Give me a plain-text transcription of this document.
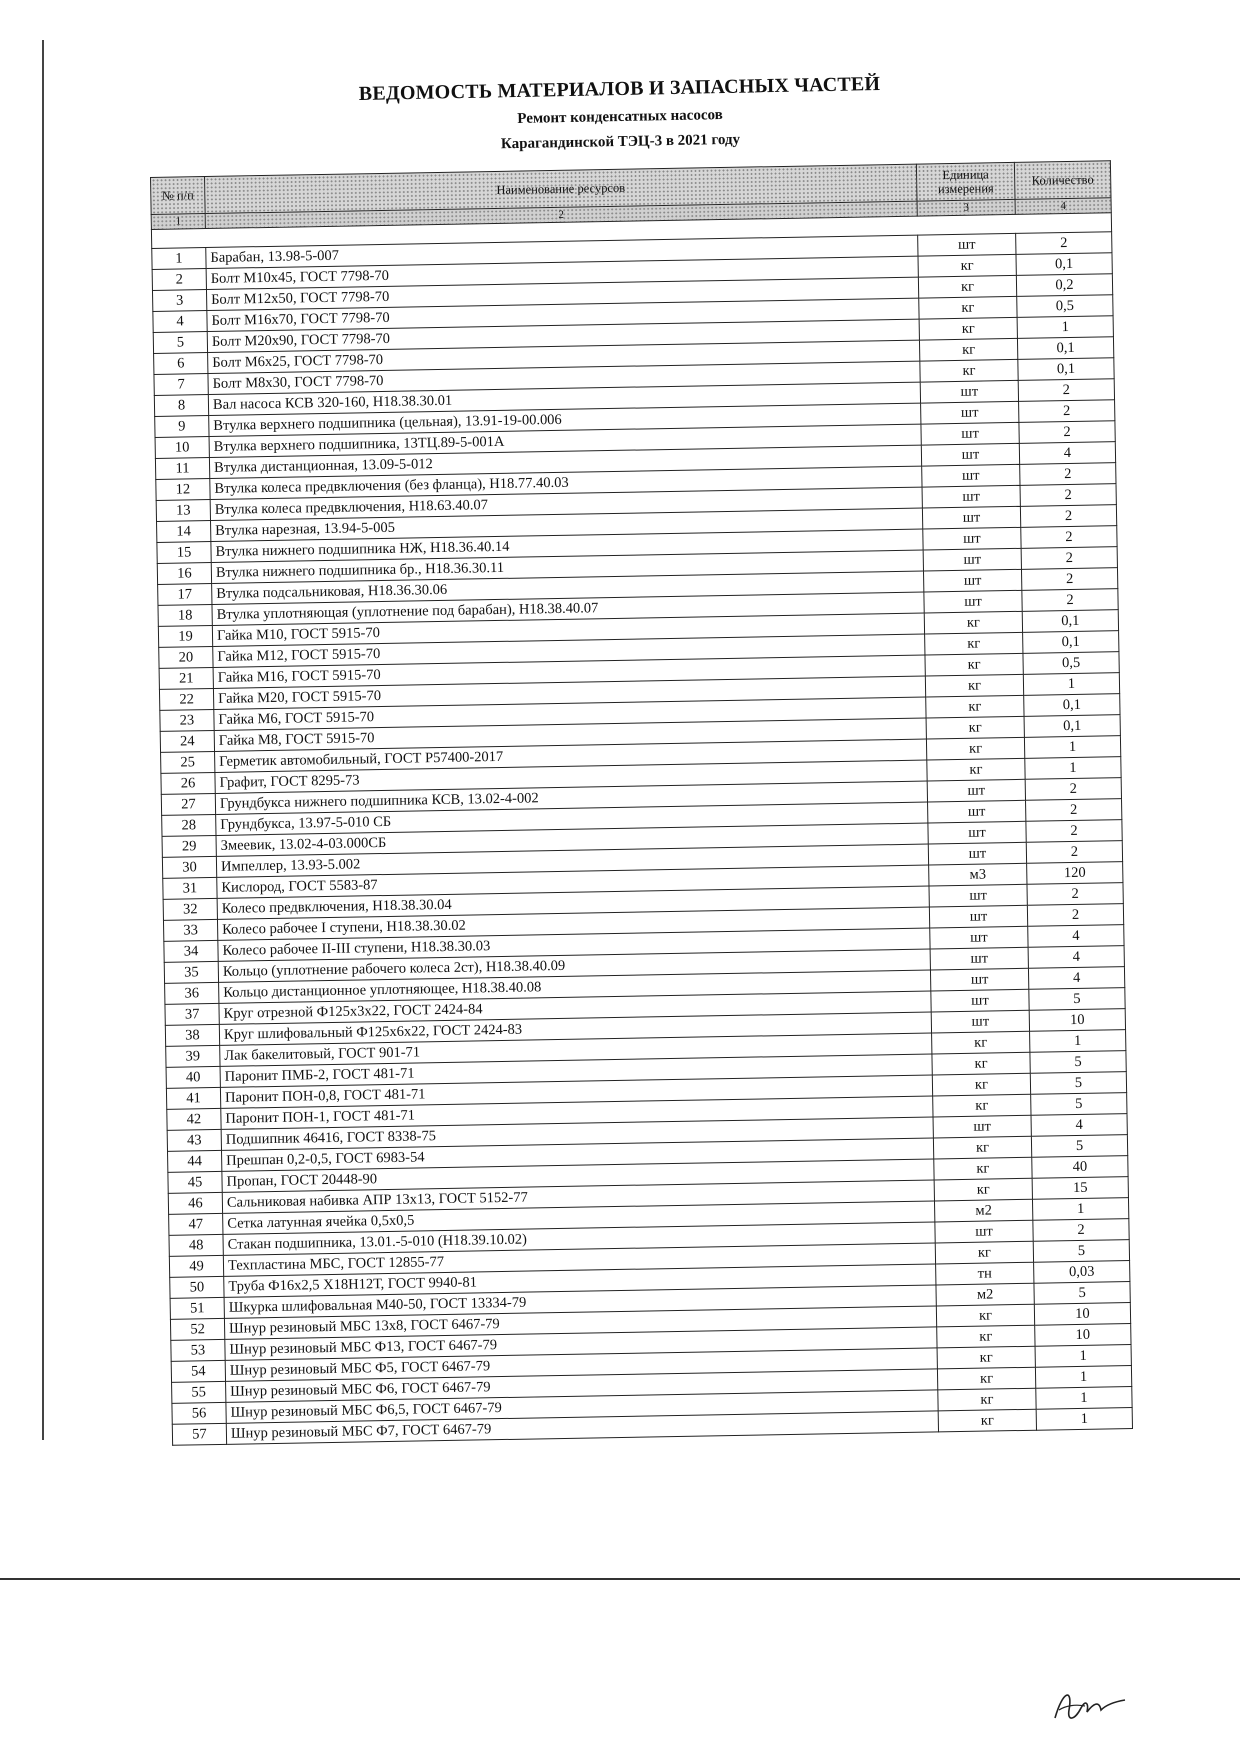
ВЕДОМОСТЬ МАТЕРИАЛОВ И ЗАПАСНЫХ ЧАСТЕЙ
Ремонт конденсатных насосов
Карагандинской ТЭЦ-3 в 2021 году
№ п/п	Наименование ресурсов	Единица измерения	Количество
1	2	3	4

1	Барабан, 13.98-5-007	шт	2
2	Болт М10х45, ГОСТ 7798-70	кг	0,1
3	Болт М12х50, ГОСТ 7798-70	кг	0,2
4	Болт М16х70, ГОСТ 7798-70	кг	0,5
5	Болт М20х90, ГОСТ 7798-70	кг	1
6	Болт М6х25, ГОСТ 7798-70	кг	0,1
7	Болт М8х30, ГОСТ 7798-70	кг	0,1
8	Вал насоса КСВ 320-160, Н18.38.30.01	шт	2
9	Втулка верхнего подшипника (цельная), 13.91-19-00.006	шт	2
10	Втулка верхнего подшипника, 13ТЦ.89-5-001А	шт	2
11	Втулка дистанционная, 13.09-5-012	шт	4
12	Втулка колеса предвключения (без фланца), Н18.77.40.03	шт	2
13	Втулка колеса предвключения, Н18.63.40.07	шт	2
14	Втулка нарезная, 13.94-5-005	шт	2
15	Втулка нижнего подшипника НЖ, Н18.36.40.14	шт	2
16	Втулка нижнего подшипника бр., Н18.36.30.11	шт	2
17	Втулка подсальниковая, Н18.36.30.06	шт	2
18	Втулка уплотняющая (уплотнение под барабан), Н18.38.40.07	шт	2
19	Гайка М10, ГОСТ 5915-70	кг	0,1
20	Гайка М12, ГОСТ 5915-70	кг	0,1
21	Гайка М16, ГОСТ 5915-70	кг	0,5
22	Гайка М20, ГОСТ 5915-70	кг	1
23	Гайка М6, ГОСТ 5915-70	кг	0,1
24	Гайка М8, ГОСТ 5915-70	кг	0,1
25	Герметик автомобильный, ГОСТ Р57400-2017	кг	1
26	Графит, ГОСТ 8295-73	кг	1
27	Грундбукса нижнего подшипника КСВ, 13.02-4-002	шт	2
28	Грундбукса, 13.97-5-010 СБ	шт	2
29	Змеевик, 13.02-4-03.000СБ	шт	2
30	Импеллер, 13.93-5.002	шт	2
31	Кислород, ГОСТ 5583-87	м3	120
32	Колесо предвключения, Н18.38.30.04	шт	2
33	Колесо рабочее I ступени, Н18.38.30.02	шт	2
34	Колесо рабочее II-III ступени, Н18.38.30.03	шт	4
35	Кольцо (уплотнение рабочего колеса 2ст), Н18.38.40.09	шт	4
36	Кольцо дистанционное уплотняющее, Н18.38.40.08	шт	4
37	Круг отрезной Ф125х3х22, ГОСТ 2424-84	шт	5
38	Круг шлифовальный Ф125х6х22, ГОСТ 2424-83	шт	10
39	Лак бакелитовый, ГОСТ 901-71	кг	1
40	Паронит ПМБ-2, ГОСТ 481-71	кг	5
41	Паронит ПОН-0,8, ГОСТ 481-71	кг	5
42	Паронит ПОН-1, ГОСТ 481-71	кг	5
43	Подшипник 46416, ГОСТ 8338-75	шт	4
44	Прешпан 0,2-0,5, ГОСТ 6983-54	кг	5
45	Пропан, ГОСТ 20448-90	кг	40
46	Сальниковая набивка АПР 13х13, ГОСТ 5152-77	кг	15
47	Сетка латунная ячейка 0,5х0,5	м2	1
48	Стакан подшипника, 13.01.-5-010 (Н18.39.10.02)	шт	2
49	Техпластина МБС, ГОСТ 12855-77	кг	5
50	Труба Ф16х2,5 Х18Н12Т, ГОСТ 9940-81	тн	0,03
51	Шкурка шлифовальная М40-50, ГОСТ 13334-79	м2	5
52	Шнур резиновый МБС 13х8, ГОСТ 6467-79	кг	10
53	Шнур резиновый МБС Ф13, ГОСТ 6467-79	кг	10
54	Шнур резиновый МБС Ф5, ГОСТ 6467-79	кг	1
55	Шнур резиновый МБС Ф6, ГОСТ 6467-79	кг	1
56	Шнур резиновый МБС Ф6,5, ГОСТ 6467-79	кг	1
57	Шнур резиновый МБС Ф7, ГОСТ 6467-79	кг	1
